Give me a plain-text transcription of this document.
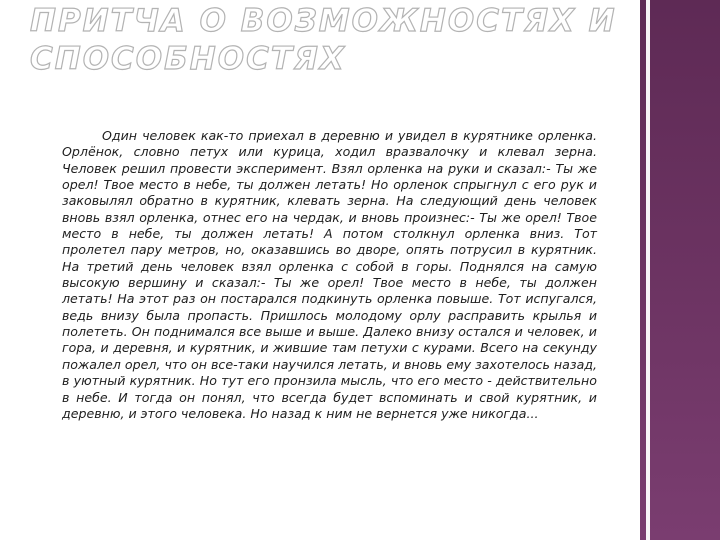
ПРИТЧА О ВОЗМОЖНОСТЯХ И СПОСОБНОСТЯХ

Один человек как-то приехал в деревню и увидел в курятнике орленка. Орлёнок, словно петух или курица, ходил вразвалочку и клевал зерна. Человек решил провести эксперимент. Взял орленка на руки и сказал:- Ты же орел! Твое место в небе, ты должен летать! Но орленок спрыгнул с его рук и заковылял обратно в курятник, клевать зерна. На следующий день человек вновь взял орленка, отнес его на чердак, и вновь произнес:- Ты же орел! Твое место в небе, ты должен летать! А потом столкнул орленка вниз. Тот пролетел пару метров, но, оказавшись во дворе, опять потрусил в курятник. На третий день человек взял орленка с собой в горы. Поднялся на самую высокую вершину и сказал:- Ты же орел! Твое место в небе, ты должен летать! На этот раз он постарался подкинуть орленка повыше. Тот испугался, ведь внизу была пропасть. Пришлось молодому орлу расправить крылья и полететь. Он поднимался все выше и выше. Далеко внизу остался и человек, и гора, и деревня, и курятник, и жившие там петухи с курами. Всего на секунду пожалел орел, что он все-таки научился летать, и вновь ему захотелось назад, в уютный курятник. Но тут его пронзила мысль, что его место - действительно в небе. И тогда он понял, что всегда будет вспоминать и свой курятник, и деревню, и этого человека. Но назад к ним не вернется уже никогда...
